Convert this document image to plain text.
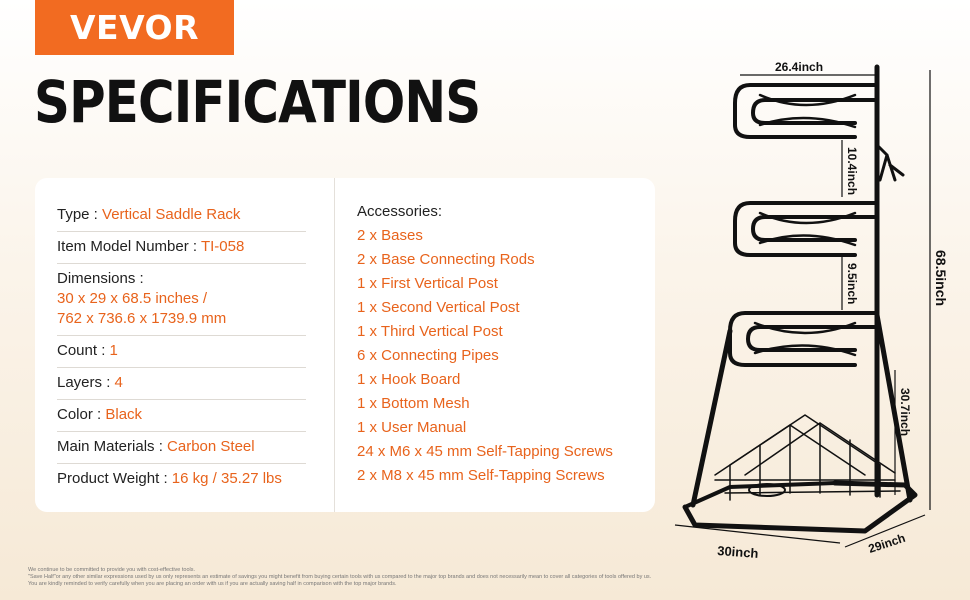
VEVOR
SPECIFICATIONS
Type : Vertical Saddle Rack
Item Model Number : TI-058
Dimensions :
30 x 29 x 68.5 inches /
762 x 736.6 x 1739.9 mm
Count : 1
Layers : 4
Color : Black
Main Materials : Carbon Steel
Product Weight : 16 kg / 35.27 lbs
Accessories:
2 x Bases
2 x Base Connecting Rods
1 x First Vertical Post
1 x Second Vertical Post
1 x Third Vertical Post
6 x Connecting Pipes
1 x Hook Board
1 x Bottom Mesh
1 x User Manual
24 x M6 x 45 mm Self-Tapping Screws
2 x M8 x 45 mm Self-Tapping Screws
26.4inch
10.4inch
9.5inch
30.7inch
68.5inch
30inch	29inch
We continue to be committed to provide you with cost-effective tools.
"Save Half"or any other similar expressions used by us only represents an estimate of savings you might benefit from buying certain tools with us compared to the major top brands and does not necessarily mean to cover all categories of tools offered by us.
You are kindly reminded to verify carefully when you are placing an order with us if you are actually saving half in comparison with the top major brands.
